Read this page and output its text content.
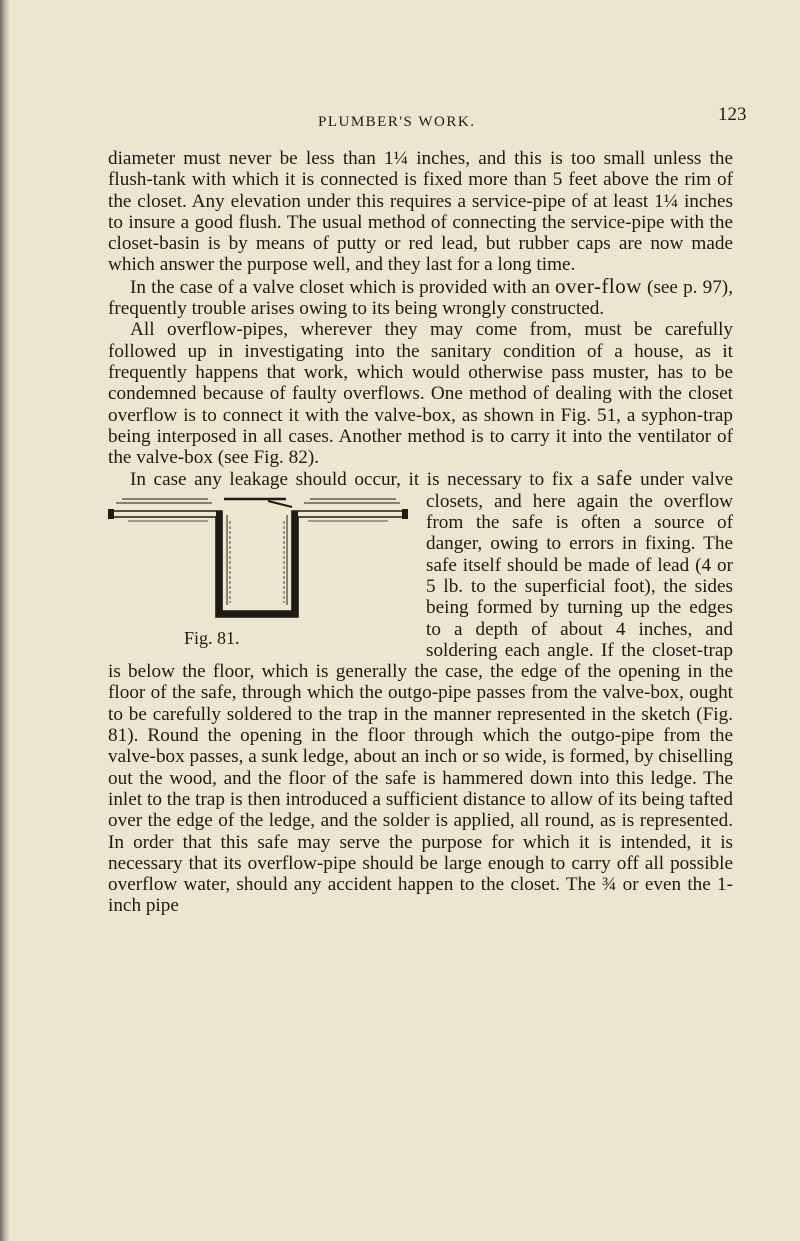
PLUMBER'S WORK.	123

diameter must never be less than 1¼ inches, and this is too small unless the flush-tank with which it is connected is fixed more than 5 feet above the rim of the closet. Any elevation under this requires a service-pipe of at least 1¼ inches to insure a good flush. The usual method of connecting the service-pipe with the closet-basin is by means of putty or red lead, but rubber caps are now made which answer the purpose well, and they last for a long time.

In the case of a valve closet which is provided with an over-flow (see p. 97), frequently trouble arises owing to its being wrongly constructed.

All overflow-pipes, wherever they may come from, must be carefully followed up in investigating into the sanitary condition of a house, as it frequently happens that work, which would otherwise pass muster, has to be condemned because of faulty overflows. One method of dealing with the closet overflow is to connect it with the valve-box, as shown in Fig. 51, a syphon-trap being interposed in all cases. Another method is to carry it into the ventilator of the valve-box (see Fig. 82).

In case any leakage should occur, it is necessary to fix a safe
Fig. 81.
under valve closets, and here again the overflow from the safe is often a source of danger, owing to errors in fixing. The safe itself should be made of lead (4 or 5 lb. to the superficial foot), the sides being formed by turning up the edges to a depth of about 4 inches, and soldering each angle. If the closet-trap is below the floor, which is generally the case, the edge of the opening in the floor of the safe, through which the outgo-pipe passes from the valve-box, ought to be carefully soldered to the trap in the manner represented in the sketch (Fig. 81). Round the opening in the floor through which the outgo-pipe from the valve-box passes, a sunk ledge, about an inch or so wide, is formed, by chiselling out the wood, and the floor of the safe is hammered down into this ledge. The inlet to the trap is then introduced a sufficient distance to allow of its being tafted over the edge of the ledge, and the solder is applied, all round, as is represented. In order that this safe may serve the purpose for which it is intended, it is necessary that its overflow-pipe should be large enough to carry off all possible overflow water, should any accident happen to the closet. The ¾ or even the 1-inch pipe
